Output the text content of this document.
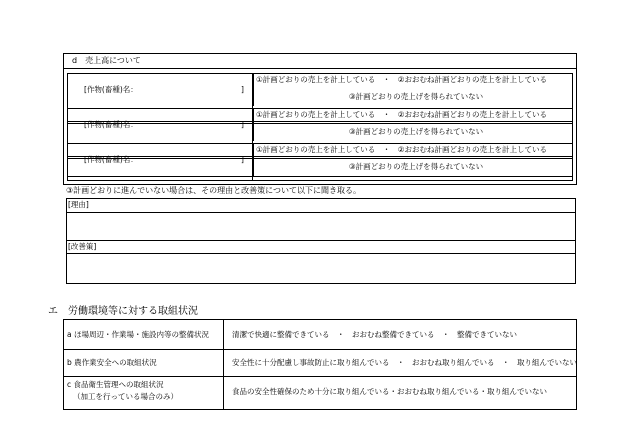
d　売上高について
[作物(畜種)名：	]
①計画どおりの売上を計上している　・　②おおむね計画どおりの売上を計上している
③計画どおりの売上げを得られていない
[作物(畜種)名：	]
①計画どおりの売上を計上している　・　②おおむね計画どおりの売上を計上している
③計画どおりの売上げを得られていない
[作物(畜種)名：	]
①計画どおりの売上を計上している　・　②おおむね計画どおりの売上を計上している
③計画どおりの売上げを得られていない
③計画どおりに進んでいない場合は、その理由と改善策について以下に聞き取る。
[理由]
[改善策]
エ　労働環境等に対する取組状況
a ほ場周辺・作業場・施設内等の整備状況	清潔で快適に整備できている　・　おおむね整備できている　・　整備できていない
b 農作業安全への取組状況	安全性に十分配慮し事故防止に取り組んでいる　・　おおむね取り組んでいる　・　取り組んでいない
c 食品衛生管理への取組状況
（加工を行っている場合のみ）
食品の安全性確保のため十分に取り組んでいる・おおむね取り組んでいる・取り組んでいない
